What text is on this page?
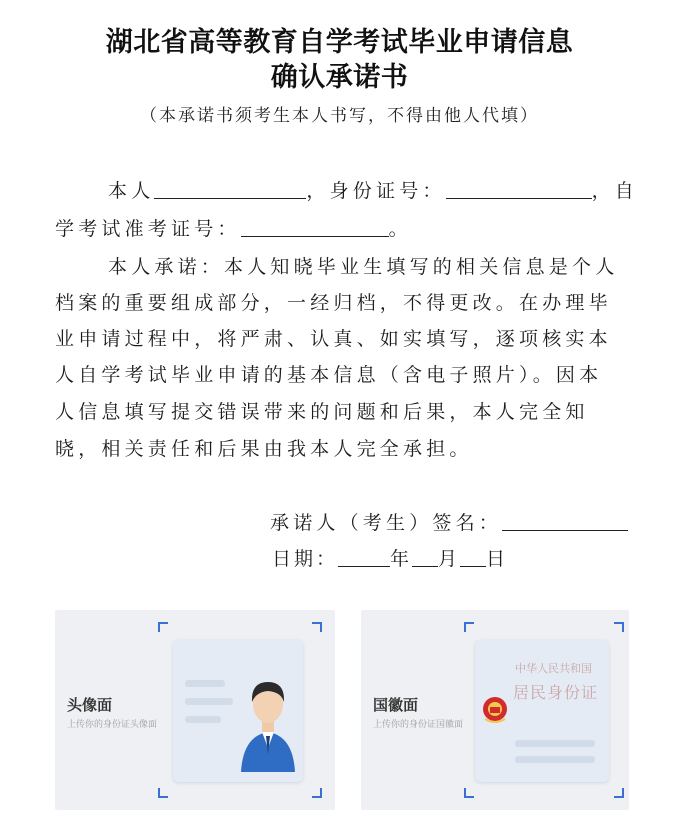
湖北省高等教育自学考试毕业申请信息
确认承诺书
（本承诺书须考生本人书写，不得由他人代填）
本人	，身份证号：	，自
学考试准考证号：	。
本人承诺：本人知晓毕业生填写的相关信息是个人
档案的重要组成部分，一经归档，不得更改。在办理毕
业申请过程中，将严肃、认真、如实填写，逐项核实本
人自学考试毕业申请的基本信息（含电子照片）。因本
人信息填写提交错误带来的问题和后果，本人完全知
晓，相关责任和后果由我本人完全承担。
承诺人（考生）签名：
日期：	年 月 日
头像面
上传你的身份证头像面
中华人民共和国
居民身份证
国徽面
上传你的身份证国徽面
